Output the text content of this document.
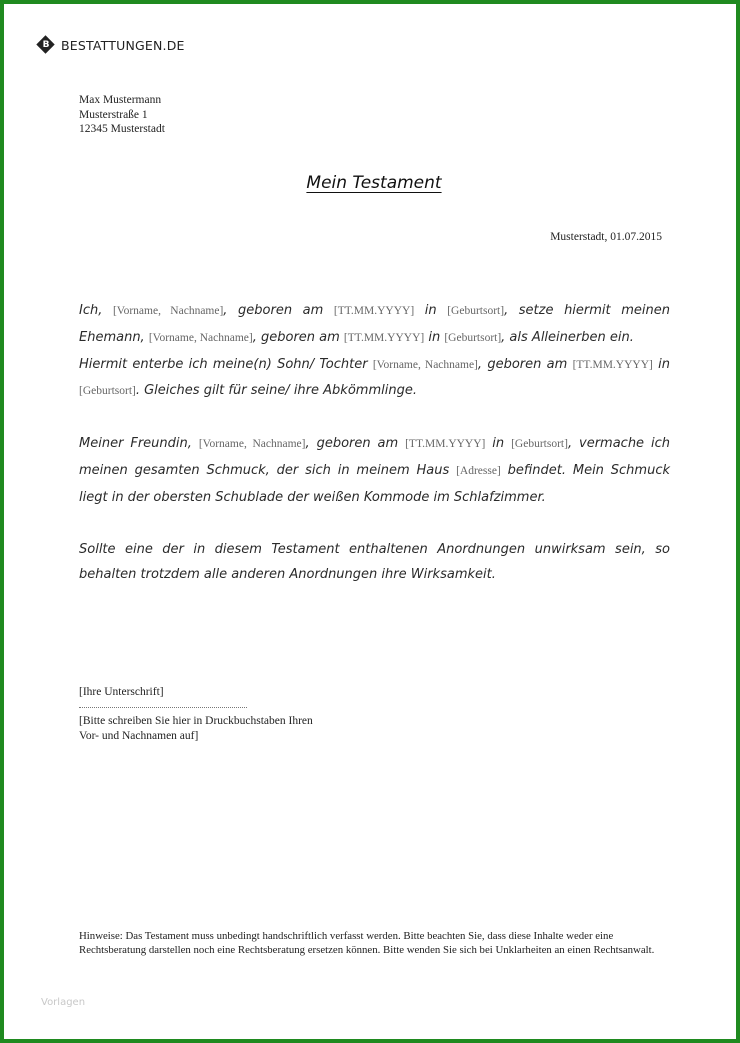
B BESTATTUNGEN.DE
Max Mustermann
Musterstraße 1
12345 Musterstadt
Mein Testament
Musterstadt, 01.07.2015

Ich, [Vorname, Nachname], geboren am [TT.MM.YYYY] in [Geburtsort], setze hiermit meinen Ehemann, [Vorname, Nachname], geboren am [TT.MM.YYYY] in [Geburtsort], als Alleinerben ein.

Hiermit enterbe ich meine(n) Sohn/ Tochter [Vorname, Nachname], geboren am [TT.MM.YYYY] in [Geburtsort]. Gleiches gilt für seine/ ihre Abkömmlinge.

Meiner Freundin, [Vorname, Nachname], geboren am [TT.MM.YYYY] in [Geburtsort], vermache ich meinen gesamten Schmuck, der sich in meinem Haus [Adresse] befindet. Mein Schmuck liegt in der obersten Schublade der weißen Kommode im Schlafzimmer.

Sollte eine der in diesem Testament enthaltenen Anordnungen unwirksam sein, so behalten trotzdem alle anderen Anordnungen ihre Wirksamkeit.

[Ihre Unterschrift]
[Bitte schreiben Sie hier in Druckbuchstaben Ihren
Vor- und Nachnamen auf]
Hinweise: Das Testament muss unbedingt handschriftlich verfasst werden. Bitte beachten Sie, dass diese Inhalte weder eine Rechtsberatung darstellen noch eine Rechtsberatung ersetzen können. Bitte wenden Sie sich bei Unklarheiten an einen Rechtsanwalt.
Vorlagen
